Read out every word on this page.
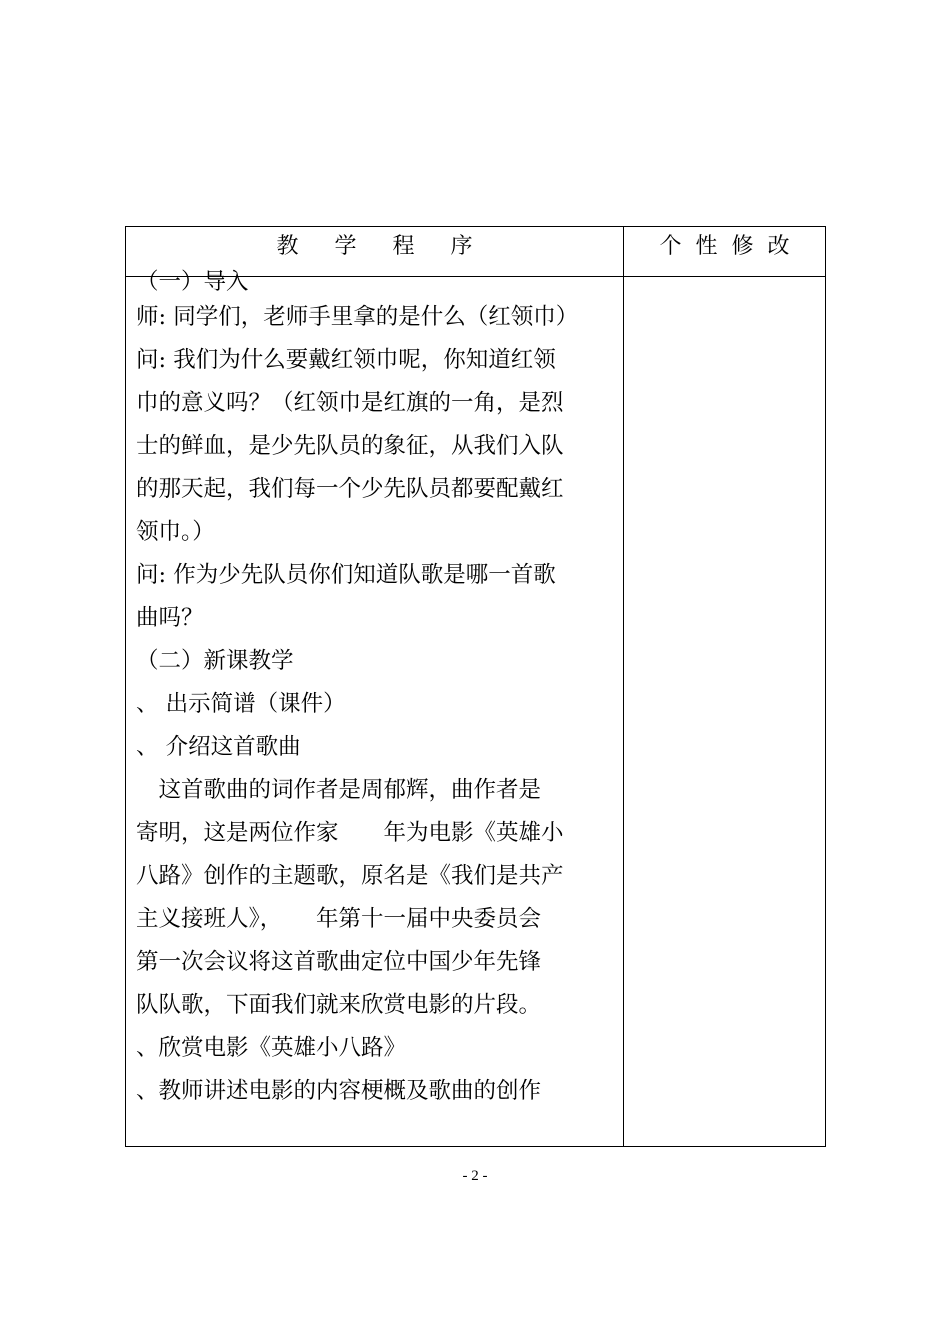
教学程序	个性修改
（一）导入
师: 同学们，老师手里拿的是什么（红领巾）
问: 我们为什么要戴红领巾呢，你知道红领
巾的意义吗？（红领巾是红旗的一角，是烈
士的鲜血，是少先队员的象征，从我们入队
的那天起，我们每一个少先队员都要配戴红
领巾。）
问: 作为少先队员你们知道队歌是哪一首歌
曲吗？
（二）新课教学
、 出示简谱（课件）
、 介绍这首歌曲
　这首歌曲的词作者是周郁辉，曲作者是
寄明，这是两位作家　　年为电影《英雄小
八路》创作的主题歌，原名是《我们是共产
主义接班人》，　　年第十一届中央委员会
第一次会议将这首歌曲定位中国少年先锋
队队歌，下面我们就来欣赏电影的片段。
、欣赏电影《英雄小八路》
、教师讲述电影的内容梗概及歌曲的创作
- 2 -
